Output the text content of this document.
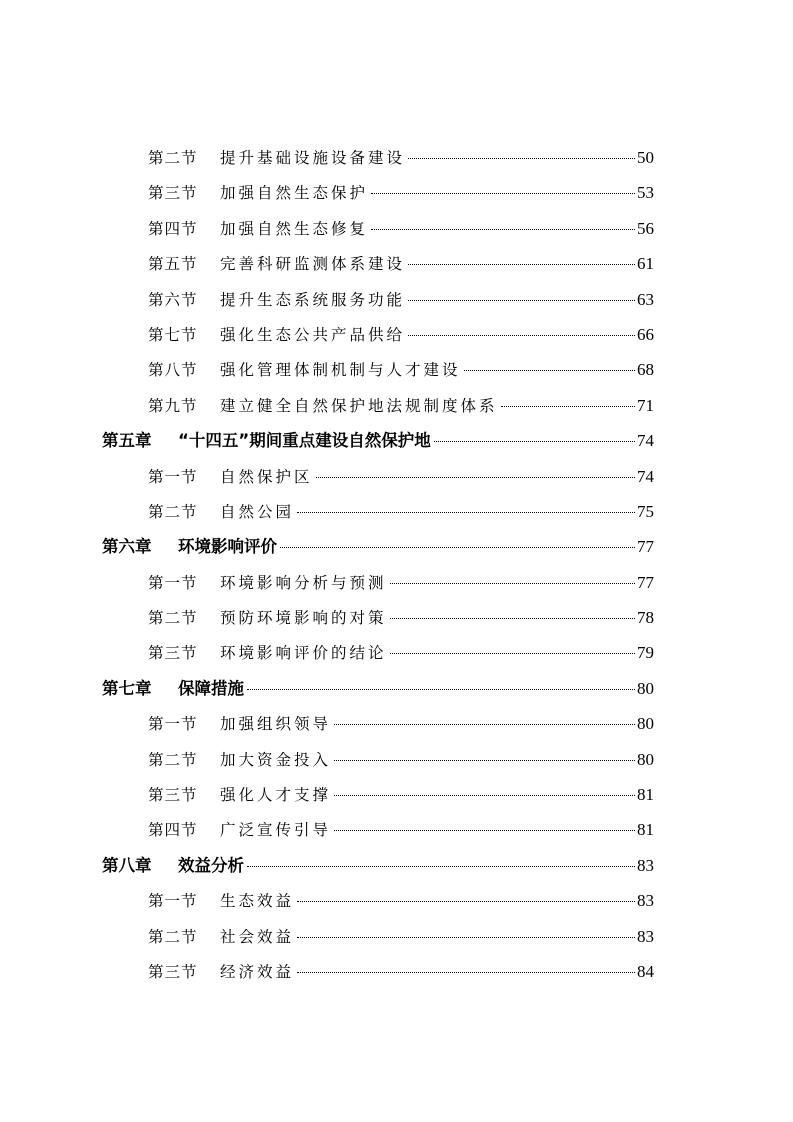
第二节	提升基础设施设备建设	50
第三节	加强自然生态保护	53
第四节	加强自然生态修复	56
第五节	完善科研监测体系建设	61
第六节	提升生态系统服务功能	63
第七节	强化生态公共产品供给	66
第八节	强化管理体制机制与人才建设	68
第九节	建立健全自然保护地法规制度体系	71
第五章	“十四五”期间重点建设自然保护地	74
第一节	自然保护区	74
第二节	自然公园	75
第六章	环境影响评价	77
第一节	环境影响分析与预测	77
第二节	预防环境影响的对策	78
第三节	环境影响评价的结论	79
第七章	保障措施	80
第一节	加强组织领导	80
第二节	加大资金投入	80
第三节	强化人才支撑	81
第四节	广泛宣传引导	81
第八章	效益分析	83
第一节	生态效益	83
第二节	社会效益	83
第三节	经济效益	84
